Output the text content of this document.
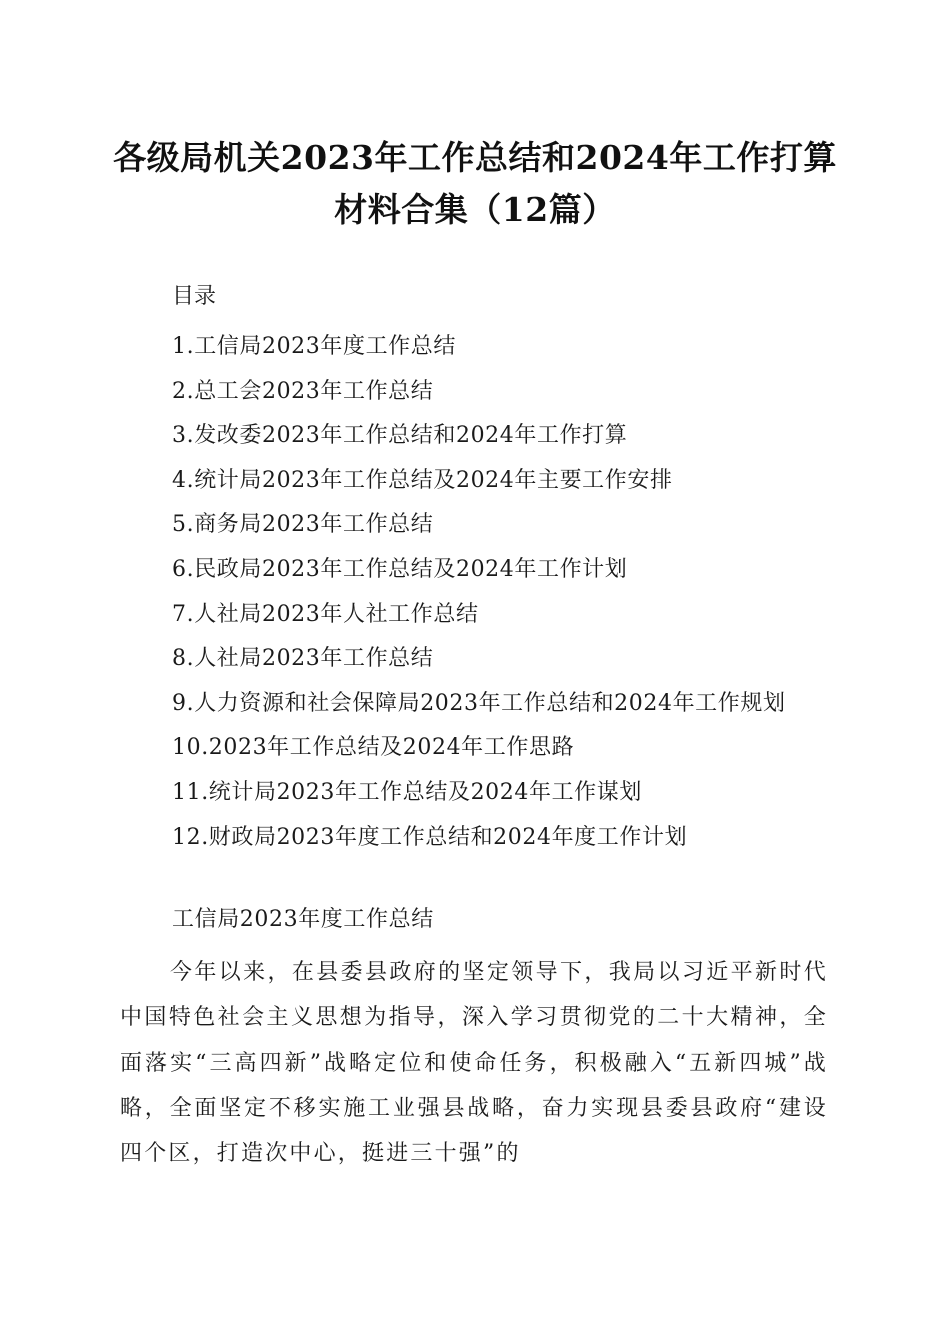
各级局机关2023年工作总结和2024年工作打算材料合集（12篇）
目录
1.工信局2023年度工作总结
2.总工会2023年工作总结
3.发改委2023年工作总结和2024年工作打算
4.统计局2023年工作总结及2024年主要工作安排
5.商务局2023年工作总结
6.民政局2023年工作总结及2024年工作计划
7.人社局2023年人社工作总结
8.人社局2023年工作总结
9.人力资源和社会保障局2023年工作总结和2024年工作规划
10.2023年工作总结及2024年工作思路
11.统计局2023年工作总结及2024年工作谋划
12.财政局2023年度工作总结和2024年度工作计划
工信局2023年度工作总结

今年以来，在县委县政府的坚定领导下，我局以习近平新时代中国特色社会主义思想为指导，深入学习贯彻党的二十大精神，全面落实“三高四新”战略定位和使命任务，积极融入“五新四城”战略，全面坚定不移实施工业强县战略，奋力实现县委县政府“建设四个区，打造次中心，挺进三十强”的
